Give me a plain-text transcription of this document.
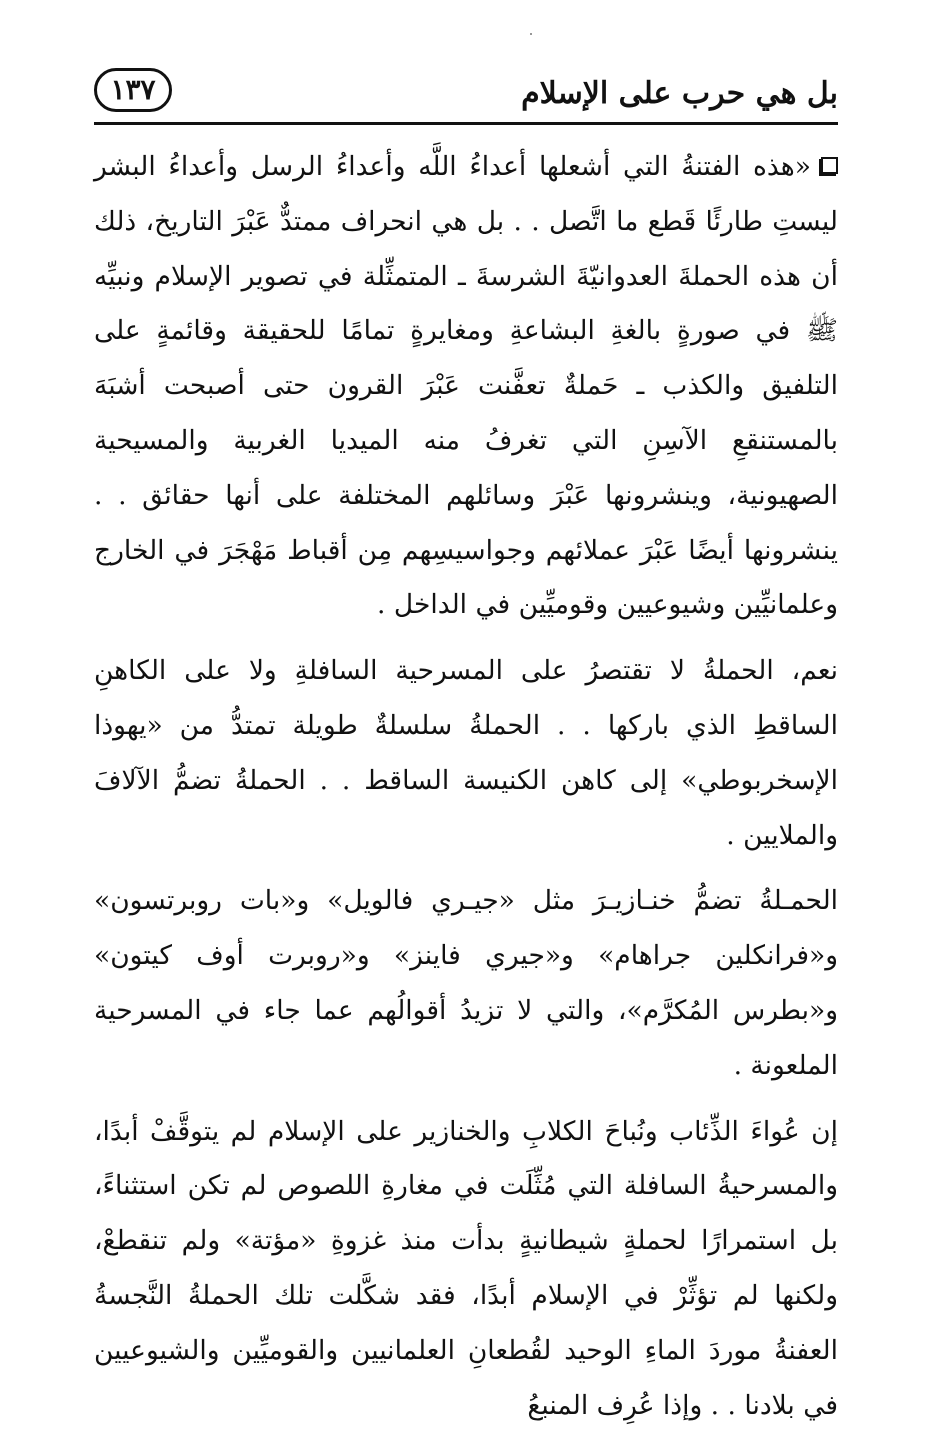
١٣٧	بل هي حرب على الإسلام

«هذه الفتنةُ التي أشعلها أعداءُ اللَّه وأعداءُ الرسل وأعداءُ البشر ليستِ طارئًا قَطع ما اتَّصل . . بل هي انحراف ممتدٌّ عَبْرَ التاريخ، ذلك أن هذه الحملةَ العدوانيّةَ الشرسةَ ـ المتمثِّلة في تصوير الإسلام ونبيِّه ﷺ في صورةٍ بالغةِ البشاعةِ ومغايرةٍ تمامًا للحقيقة وقائمةٍ على التلفيق والكذب ـ حَملةٌ تعفَّنت عَبْرَ القرون حتى أصبحت أشبَهَ بالمستنقعِ الآسِنِ التي تغرفُ منه الميديا الغربية والمسيحية الصهيونية، وينشرونها عَبْرَ وسائلهم المختلفة على أنها حقائق . . ينشرونها أيضًا عَبْرَ عملائهم وجواسيسِهم مِن أقباط مَهْجَرَ في الخارج وعلمانيِّين وشيوعيين وقوميِّين في الداخل .

نعم، الحملةُ لا تقتصرُ على المسرحية السافلةِ ولا على الكاهنِ الساقطِ الذي باركها . . الحملةُ سلسلةٌ طويلة تمتدُّ من «يهوذا الإسخربوطي» إلى كاهن الكنيسة الساقط . . الحملةُ تضمُّ الآلافَ والملايين .

الحمـلةُ تضمُّ خنـازيـرَ مثل «جيـري فالويل» و«بات روبرتسون» و«فرانكلين جراهام» و«جيري فاينز» و«روبرت أوف كيتون» و«بطرس المُكرَّم»، والتي لا تزيدُ أقوالُهم عما جاء في المسرحية الملعونة .

إن عُواءَ الذِّئاب ونُباحَ الكلابِ والخنازير على الإسلام لم يتوقَّفْ أبدًا، والمسرحيةُ السافلة التي مُثِّلَت في مغارةِ اللصوص لم تكن استثناءً، بل استمرارًا لحملةٍ شيطانيةٍ بدأت منذ غزوةِ «مؤتة» ولم تنقطعْ، ولكنها لم تؤثِّرْ في الإسلام أبدًا، فقد شكَّلت تلك الحملةُ النَّجسةُ العفنةُ موردَ الماءِ الوحيد لقُطعانِ العلمانيين والقوميِّين والشيوعيين في بلادنا . . وإذا عُرِف المنبعُ
